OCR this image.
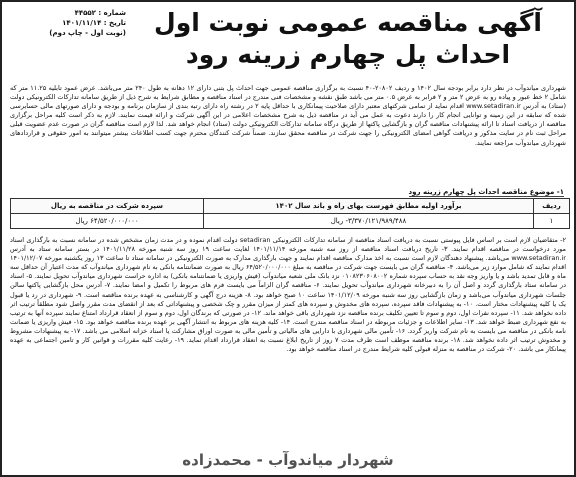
شماره : ۴۴۵۵۲
تاریخ : ۱۴۰۱/۱۱/۱۴
(نوبت اول - چاپ دوم)	آگهی مناقصه عمومی نوبت اول
احداث پل چهارم زرینه رود
شهرداری میاندوآب در نظر دارد برابر بودجه سال ۱۴۰۲ و ردیف ۲۰۸۰۲-۴۰ نسبت به برگزاری مناقصه عمومی جهت احداث پل بتنی دارای ۱۲ دهانه به طول ۲۴۰ متر می‌باشد. عرض عمود تابلیه ۱۱.۲۵ متر که شامل ۲ خط عبور و پیاده رو به عرض ۲ متر و ۲ فرابر به عرض ۰.۵ متر می باشد طبق نقشه و مشخصات فنی مندرج در اسناد مناقصه و مطابق شرایط به شرح ذیل از طریق سامانه تدارکات الکترونیکی دولت (ستاد) به آدرس www.setadiran.ir اقدام نماید از تمامی شرکتهای معتبر دارای صلاحیت پیمانکاری با حداقل پایه ۲ در رشته راه دارای رتبه بندی از سازمان برنامه و بودجه و دارای صورتهای مالی حسابرسی شده که سابقه در این زمینه و توانایی انجام کار را دارند دعوت به عمل می آید در مناقصه ذیل به شرح مشخصات اعلامی در این آگهی شرکت و ارائه قیمت نمایند. لازم به ذکر است کلیه مراحل برگزاری مناقصه از دریافت اسناد تا ارائه پیشنهادات مناقصه گران و بازگشایی پاکتها از طریق درگاه سامانه تدارکات الکترونیکی دولت (ستاد) انجام خواهد شد. لذا لازم است مناقصه گران در صورت عدم عضویت قبلی مراحل ثبت نام در سایت مذکور و دریافت گواهی امضای الکترونیکی را جهت شرکت در مناقصه محقق سازند. ضمناً شرکت کنندگان محترم جهت کسب اطلاعات بیشتر میتوانند به امور حقوقی و قراردادهای شهرداری میاندوآب مراجعه نمایند.
۱- موضوع مناقصه احداث پل چهارم زرینه رود
ردیف	برآورد اولیه مطابق فهرست بهای راه و باند سال ۱۴۰۲	سپرده شرکت در مناقصه به ریال
۱	۳/۳۷۰/۱۲۱/۹۸۹/۴۸۸- ریال	۶۴/۵۲۰/۰۰۰/۰۰۰ ریال
۲- متقاضیان لازم است بر اساس فایل پیوستی نسبت به دریافت اسناد مناقصه از سامانه تدارکات الکترونیکی setadiran دولت اقدام نموده و در مدت زمان مشخص شده در سامانه نسبت به بارگذاری اسناد مورد درخواست در مناقصه اقدام نمایند. ۳- تاریخ دریافت اسناد مناقصه از روز سه شنبه مورخه ۱۴۰۱/۱۱/۱۴ لغایت ساعت ۱۹ روز سه شنبه مورخه ۱۴۰۱/۱۱/۲۸ در بستر سامانه ستاد به آدرس www.setadiran.ir می‌باشد. پیشنهاد دهندگان لازم است نسبت به اخذ مدارک مناقصه اقدام نمایند و جهت بارگذاری مدارک به صورت الکترونیکی در سامانه ستاد تا ساعت ۱۳ روز یکشنبه مورخه ۱۴۰۱/۱۲/۰۷ اقدام نمایند که شامل موارد زیر می‌باشد. ۴- مناقصه گران می بایست جهت شرکت در مناقصه به مبلغ ۶۴/۵۲۰/۰۰۰/۰۰۰ ریال به صورت ضمانتنامه بانکی به نام شهرداری میاندوآب که مدت اعتبار آن حداقل سه ماه و قابل تمدید باشد و یا واریز وجه نقد به حساب سپرده شماره ۰۱۰۸۲۳۰۶۰۸۰۰۲ نزد بانک ملی شعبه میاندوآب (فیش واریزی یا ضمانتنامه بانکی) به اداره حراست شهرداری میاندوآب تحویل نمایند. ۵- اسناد در سامانه ستاد بارگذاری گردد و اصل آن را به دبیرخانه شهرداری میاندوآب تحویل نمایند. ۶- مناقصه گران الزاماً می بایست فرم های مربوط را تکمیل و امضا نمایند. ۷- آدرس محل بازگشایی پاکتها سالن جلسات شهرداری میاندوآب می‌باشد و زمان بازگشایی روز سه شنبه مورخه ۱۴۰۱/۱۲/۰۹ ساعت ۱۰ صبح خواهد بود. ۸- هزینه درج آگهی و کارشناسی به عهده برنده مناقصه است. ۹- شهرداری در رد یا قبول یک یا کلیه پیشنهادات مختار است. ۱۰- به پیشنهادات فاقد سپرده، سپرده های مخدوش و سپرده های کمتر از میزان مقرر و چک شخصی و پیشنهاداتی که بعد از انقضای مدت مقرر واصل شود مطلقاً ترتیب اثر داده نخواهد شد. ۱۱- سپرده نفرات اول، دوم و سوم تا تعیین تکلیف برنده مناقصه نزد شهرداری باقی خواهد ماند. ۱۲- در صورتی که برندگان اول، دوم و سوم از انعقاد قرارداد امتناع نمایند سپرده آنها به ترتیب به نفع شهرداری ضبط خواهد شد. ۱۳- سایر اطلاعات و جزئیات مربوطه در اسناد مناقصه مندرج است. ۱۴- کلیه هزینه های مربوط به انتشار آگهی بر عهده برنده مناقصه خواهد بود. ۱۵- فیش واریزی یا ضمانت نامه بانکی در مناقصه می بایست به نام شرکت واریز گردد. ۱۶- تأمین مالی شهرداری با دارایی های مالیاتی و تأمین مالی به صورت اوراق مشارکت یا اسناد خزانه اسلامی می باشد. ۱۷- به پیشنهادات مشروط و مخدوش ترتیب اثر داده نخواهد شد. ۱۸- برنده مناقصه موظف است ظرف مدت ۷ روز از تاریخ ابلاغ نسبت به انعقاد قرارداد اقدام نماید. ۱۹- رعایت کلیه مقررات و قوانین کار و تامین اجتماعی به عهده پیمانکار می باشد. ۲۰- شرکت در مناقصه به منزله قبولی کلیه شرایط مندرج در اسناد مناقصه خواهد بود.
شهردار میاندوآب - محمدزاده
